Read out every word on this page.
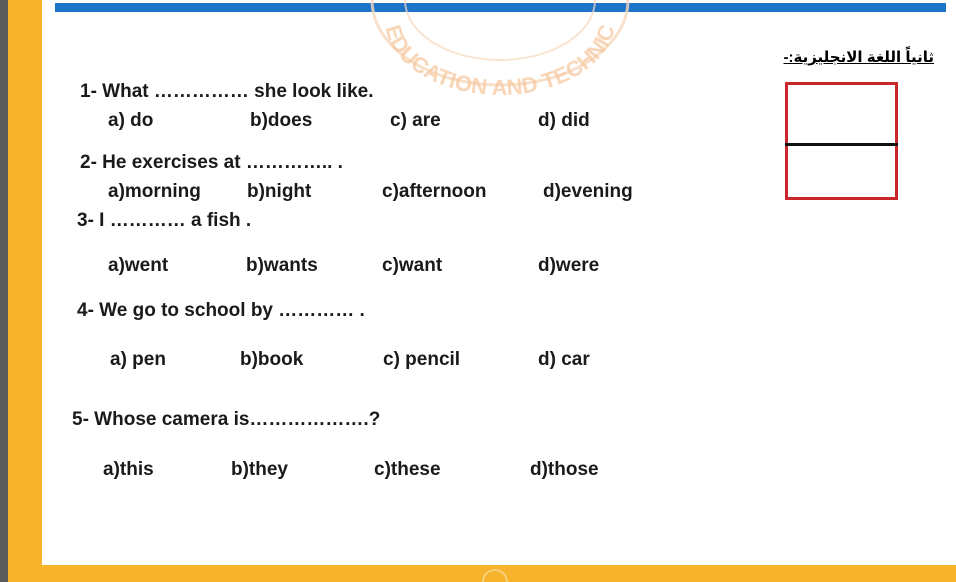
EDUCATION AND TECHNIC
ثانياً اللغة الانجليزية:-
1- What …………… she look like.
a) do	b)does	c) are	d) did
2- He exercises at ………….. .
a)morning b)night	c)afternoon	d)evening
3- I ………… a fish .
a)went	b)wants	c)want	d)were
4- We go to school by ………… .
a) pen	b)book	c) pencil	d) car
5- Whose camera is……………….?
a)this	b)they	c)these	d)those
